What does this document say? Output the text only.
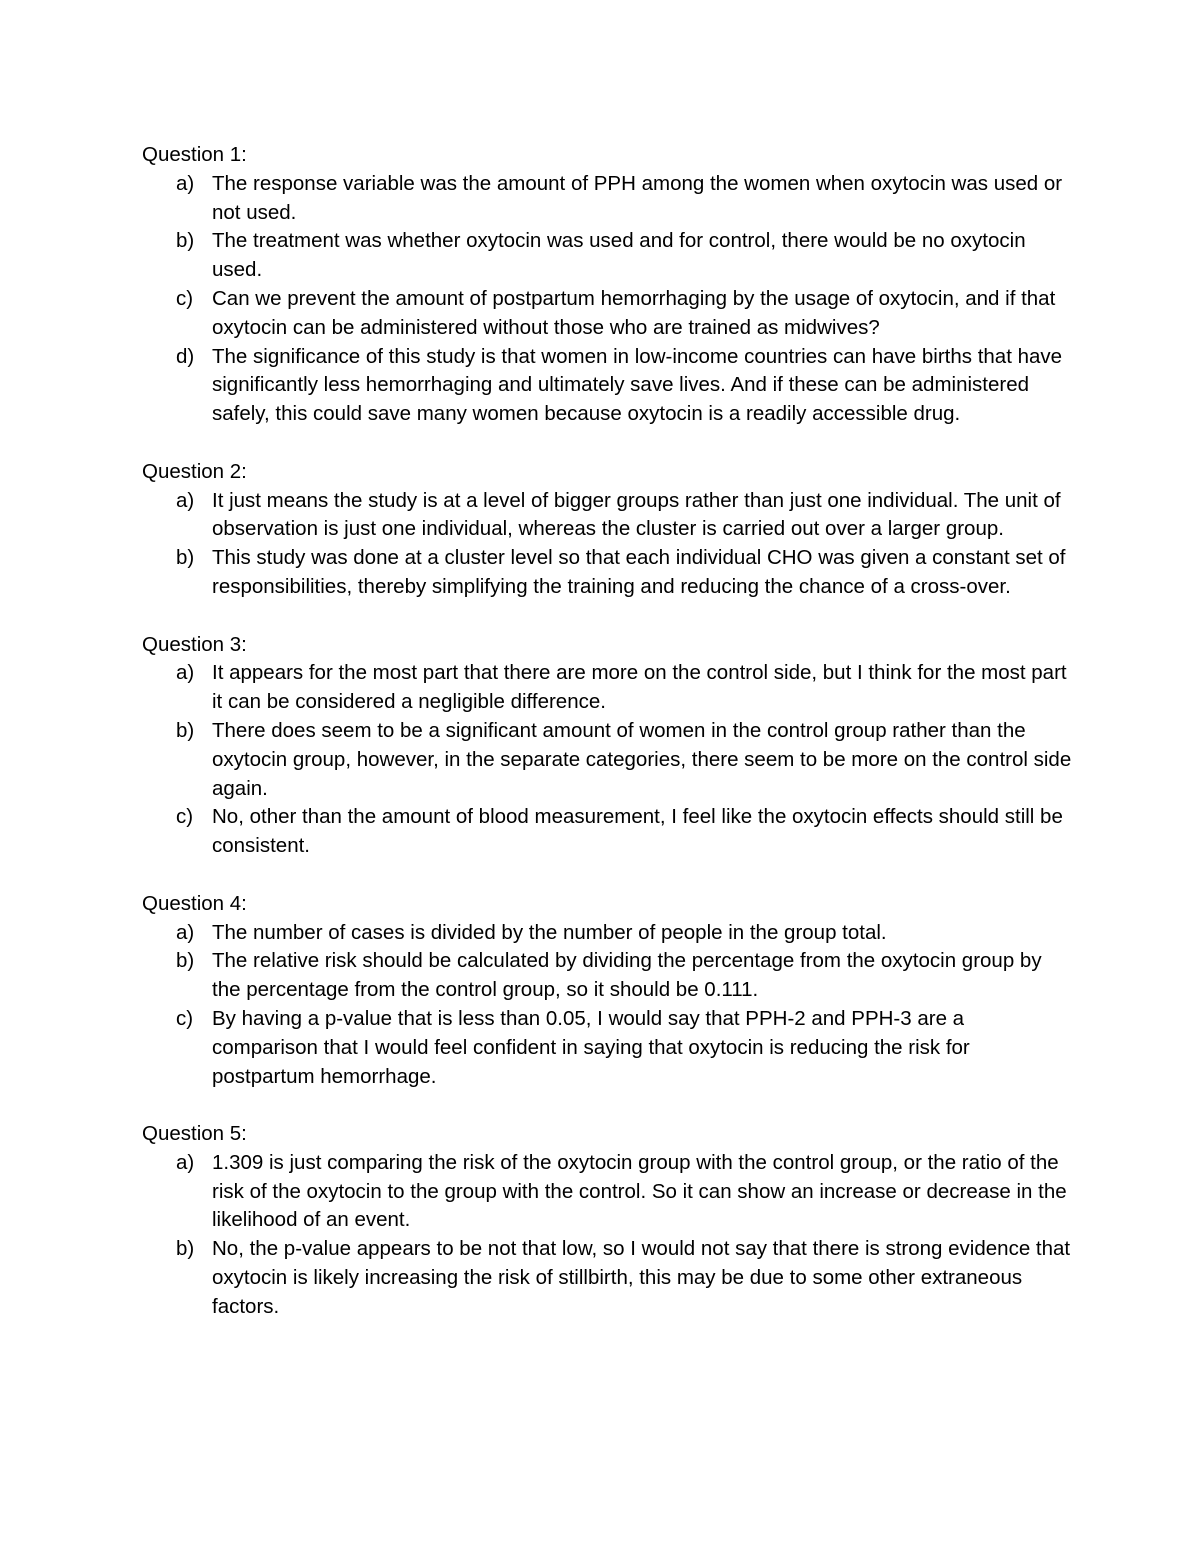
Question 1:
a) The response variable was the amount of PPH among the women when oxytocin was used or not used.
b) The treatment was whether oxytocin was used and for control, there would be no oxytocin used.
c) Can we prevent the amount of postpartum hemorrhaging by the usage of oxytocin, and if that oxytocin can be administered without those who are trained as midwives?
d) The significance of this study is that women in low-income countries can have births that have significantly less hemorrhaging and ultimately save lives. And if these can be administered safely, this could save many women because oxytocin is a readily accessible drug.
Question 2:
a) It just means the study is at a level of bigger groups rather than just one individual. The unit of observation is just one individual, whereas the cluster is carried out over a larger group.
b) This study was done at a cluster level so that each individual CHO was given a constant set of responsibilities, thereby simplifying the training and reducing the chance of a cross-over.
Question 3:
a) It appears for the most part that there are more on the control side, but I think for the most part it can be considered a negligible difference.
b) There does seem to be a significant amount of women in the control group rather than the oxytocin group, however, in the separate categories, there seem to be more on the control side again.
c) No, other than the amount of blood measurement, I feel like the oxytocin effects should still be consistent.
Question 4:
a) The number of cases is divided by the number of people in the group total.
b) The relative risk should be calculated by dividing the percentage from the oxytocin group by the percentage from the control group, so it should be 0.111.
c) By having a p-value that is less than 0.05, I would say that PPH-2 and PPH-3 are a comparison that I would feel confident in saying that oxytocin is reducing the risk for postpartum hemorrhage.
Question 5:
a) 1.309 is just comparing the risk of the oxytocin group with the control group, or the ratio of the risk of the oxytocin to the group with the control. So it can show an increase or decrease in the likelihood of an event.
b) No, the p-value appears to be not that low, so I would not say that there is strong evidence that oxytocin is likely increasing the risk of stillbirth, this may be due to some other extraneous factors.
